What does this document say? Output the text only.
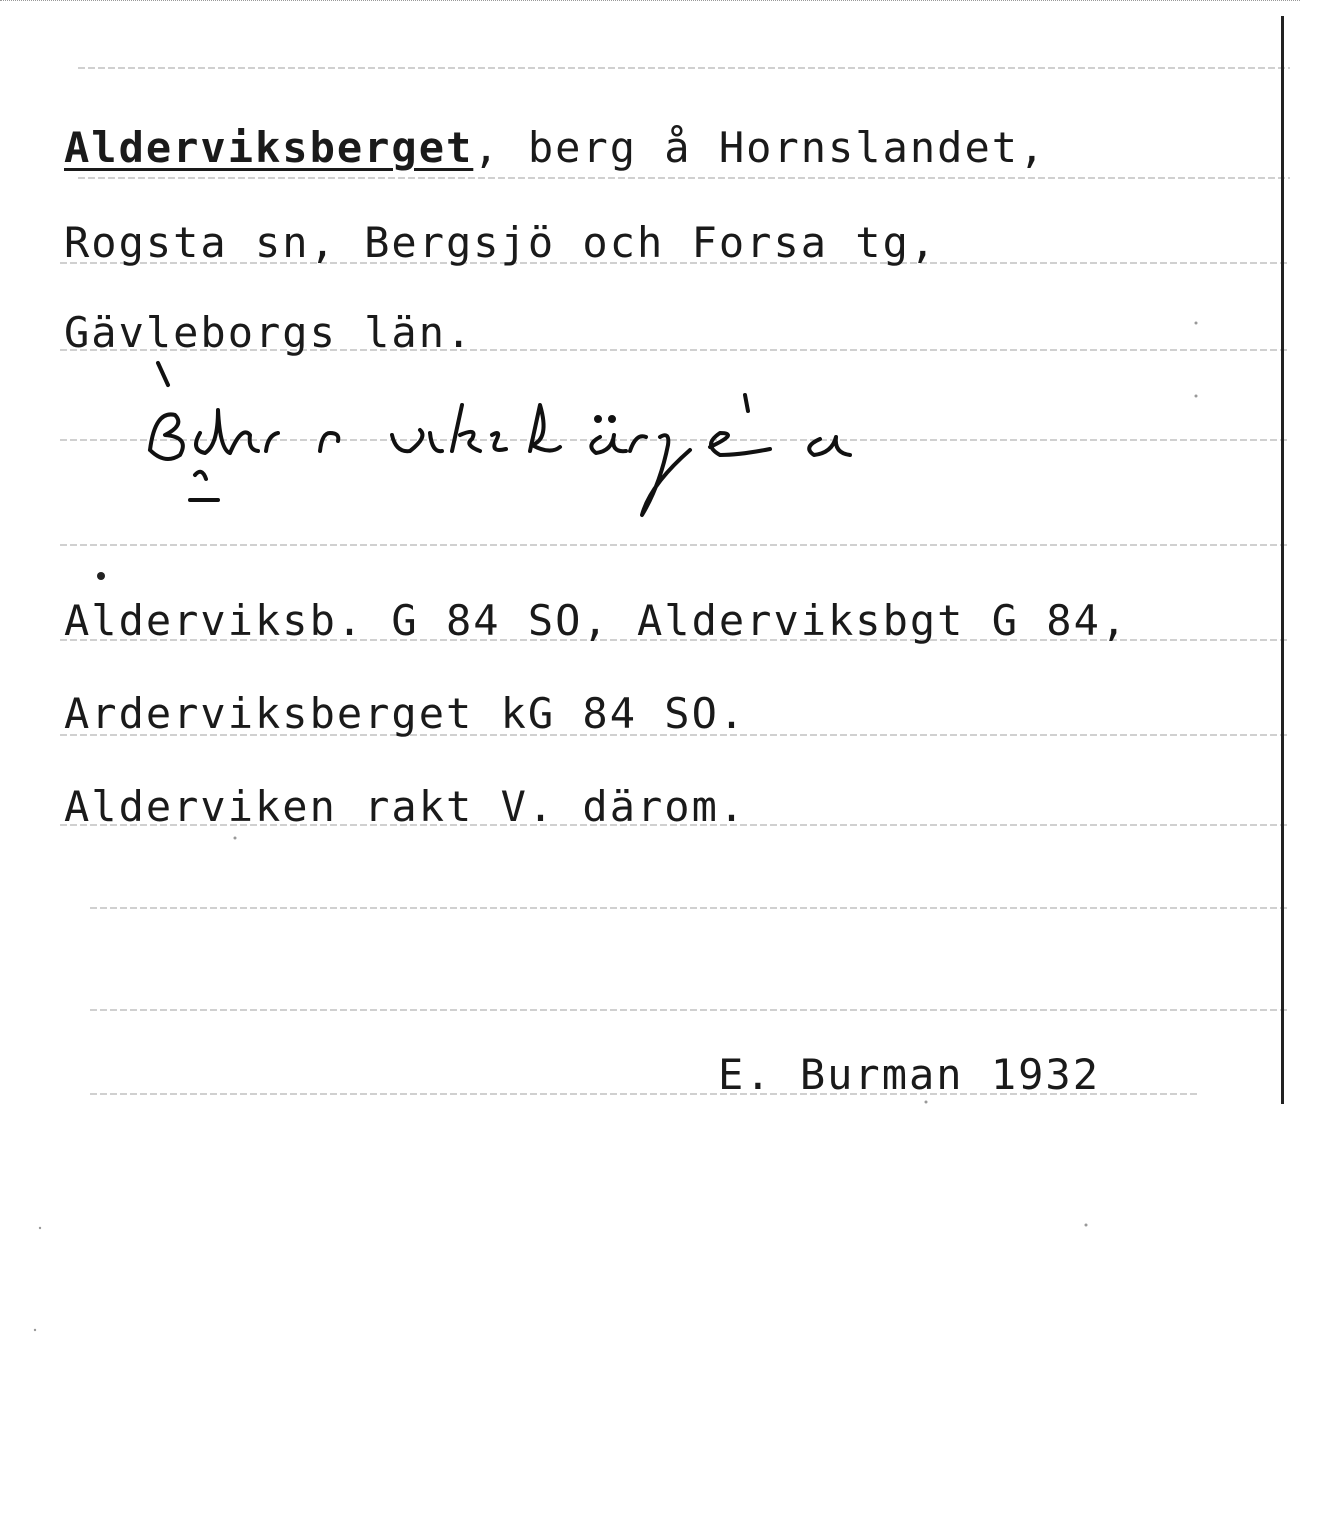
Alderviksberget, berg å Hornslandet,
Rogsta sn, Bergsjö och Forsa tg,
Gävleborgs län.
Alderviksb. G 84 SO, Alderviksbgt G 84,
Arderviksberget kG 84 SO.
Alderviken rakt V. därom.
E. Burman 1932
